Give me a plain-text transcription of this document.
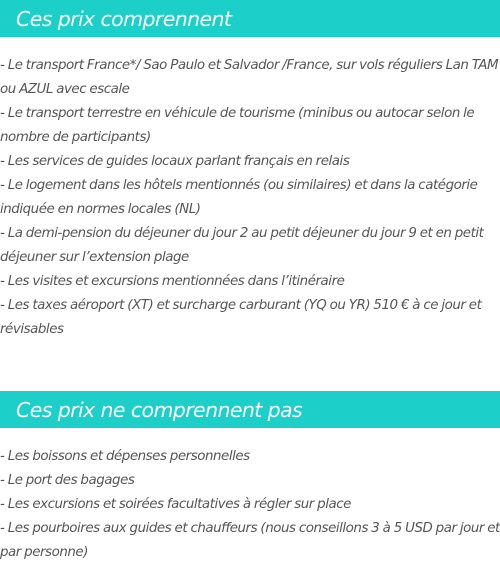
Ces prix comprennent
- Le transport France*/ Sao Paulo et Salvador /France, sur vols réguliers Lan TAM ou AZUL avec escale
- Le transport terrestre en véhicule de tourisme (minibus ou autocar selon le nombre de participants)
- Les services de guides locaux parlant français en relais
- Le logement dans les hôtels mentionnés (ou similaires) et dans la catégorie indiquée en normes locales (NL)
- La demi-pension du déjeuner du jour 2 au petit déjeuner du jour 9 et en petit déjeuner sur l’extension plage
- Les visites et excursions mentionnées dans l’itinéraire
- Les taxes aéroport (XT) et surcharge carburant (YQ ou YR) 510 € à ce jour et révisables
Ces prix ne comprennent pas
- Les boissons et dépenses personnelles
- Le port des bagages
- Les excursions et soirées facultatives à régler sur place
- Les pourboires aux guides et chauffeurs (nous conseillons 3 à 5 USD par jour et par personne)
